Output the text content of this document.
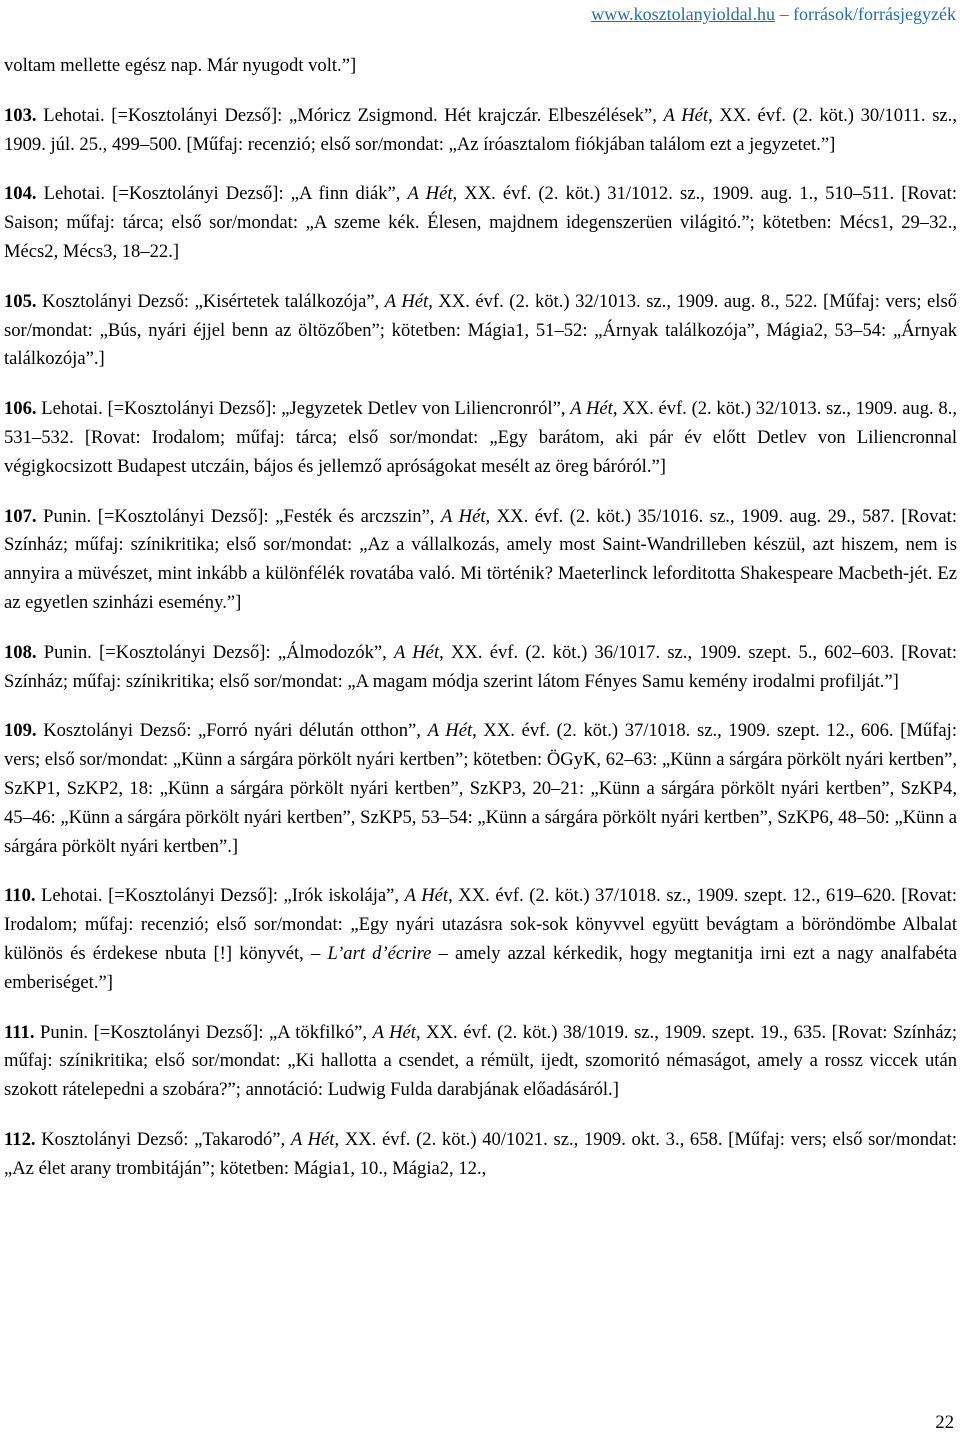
www.kosztolanyioldal.hu – források/forrásjegyzék

voltam mellette egész nap. Már nyugodt volt.”]

103. Lehotai. [=Kosztolányi Dezső]: „Móricz Zsigmond. Hét krajczár. Elbeszélések”, A Hét, XX. évf. (2. köt.) 30/1011. sz., 1909. júl. 25., 499–500. [Műfaj: recenzió; első sor/mondat: „Az íróasztalom fiókjában találom ezt a jegyzetet.”]

104. Lehotai. [=Kosztolányi Dezső]: „A finn diák”, A Hét, XX. évf. (2. köt.) 31/1012. sz., 1909. aug. 1., 510–511. [Rovat: Saison; műfaj: tárca; első sor/mondat: „A szeme kék. Élesen, majdnem idegenszerüen világitó.”; kötetben: Mécs1, 29–32., Mécs2, Mécs3, 18–22.]

105. Kosztolányi Dezső: „Kisértetek találkozója”, A Hét, XX. évf. (2. köt.) 32/1013. sz., 1909. aug. 8., 522. [Műfaj: vers; első sor/mondat: „Bús, nyári éjjel benn az öltözőben”; kötetben: Mágia1, 51–52: „Árnyak találkozója”, Mágia2, 53–54: „Árnyak találkozója”.]

106. Lehotai. [=Kosztolányi Dezső]: „Jegyzetek Detlev von Liliencronról”, A Hét, XX. évf. (2. köt.) 32/1013. sz., 1909. aug. 8., 531–532. [Rovat: Irodalom; műfaj: tárca; első sor/mondat: „Egy barátom, aki pár év előtt Detlev von Liliencronnal végigkocsizott Budapest utczáin, bájos és jellemző apróságokat mesélt az öreg báróról.”]

107. Punin. [=Kosztolányi Dezső]: „Festék és arczszin”, A Hét, XX. évf. (2. köt.) 35/1016. sz., 1909. aug. 29., 587. [Rovat: Színház; műfaj: színikritika; első sor/mondat: „Az a vállalkozás, amely most Saint-Wandrilleben készül, azt hiszem, nem is annyira a müvészet, mint inkább a különfélék rovatába való. Mi történik? Maeterlinck leforditotta Shakespeare Macbeth-jét. Ez az egyetlen szinházi esemény.”]

108. Punin. [=Kosztolányi Dezső]: „Álmodozók”, A Hét, XX. évf. (2. köt.) 36/1017. sz., 1909. szept. 5., 602–603. [Rovat: Színház; műfaj: színikritika; első sor/mondat: „A magam módja szerint látom Fényes Samu kemény irodalmi profilját.”]

109. Kosztolányi Dezső: „Forró nyári délután otthon”, A Hét, XX. évf. (2. köt.) 37/1018. sz., 1909. szept. 12., 606. [Műfaj: vers; első sor/mondat: „Künn a sárgára pörkölt nyári kertben”; kötetben: ÖGyK, 62–63: „Künn a sárgára pörkölt nyári kertben”, SzKP1, SzKP2, 18: „Künn a sárgára pörkölt nyári kertben”, SzKP3, 20–21: „Künn a sárgára pörkölt nyári kertben”, SzKP4, 45–46: „Künn a sárgára pörkölt nyári kertben”, SzKP5, 53–54: „Künn a sárgára pörkölt nyári kertben”, SzKP6, 48–50: „Künn a sárgára pörkölt nyári kertben”.]

110. Lehotai. [=Kosztolányi Dezső]: „Irók iskolája”, A Hét, XX. évf. (2. köt.) 37/1018. sz., 1909. szept. 12., 619–620. [Rovat: Irodalom; műfaj: recenzió; első sor/mondat: „Egy nyári utazásra sok-sok könyvvel együtt bevágtam a böröndömbe Albalat különös és érdekese nbuta [!] könyvét, – L’art d’écrire – amely azzal kérkedik, hogy megtanitja irni ezt a nagy analfabéta emberiséget.”]

111. Punin. [=Kosztolányi Dezső]: „A tökfilkó”, A Hét, XX. évf. (2. köt.) 38/1019. sz., 1909. szept. 19., 635. [Rovat: Színház; műfaj: színikritika; első sor/mondat: „Ki hallotta a csendet, a rémült, ijedt, szomoritó némaságot, amely a rossz viccek után szokott rátelepedni a szobára?”; annotáció: Ludwig Fulda darabjának előadásáról.]

112. Kosztolányi Dezső: „Takarodó”, A Hét, XX. évf. (2. köt.) 40/1021. sz., 1909. okt. 3., 658. [Műfaj: vers; első sor/mondat: „Az élet arany trombitáján”; kötetben: Mágia1, 10., Mágia2, 12.,

22
